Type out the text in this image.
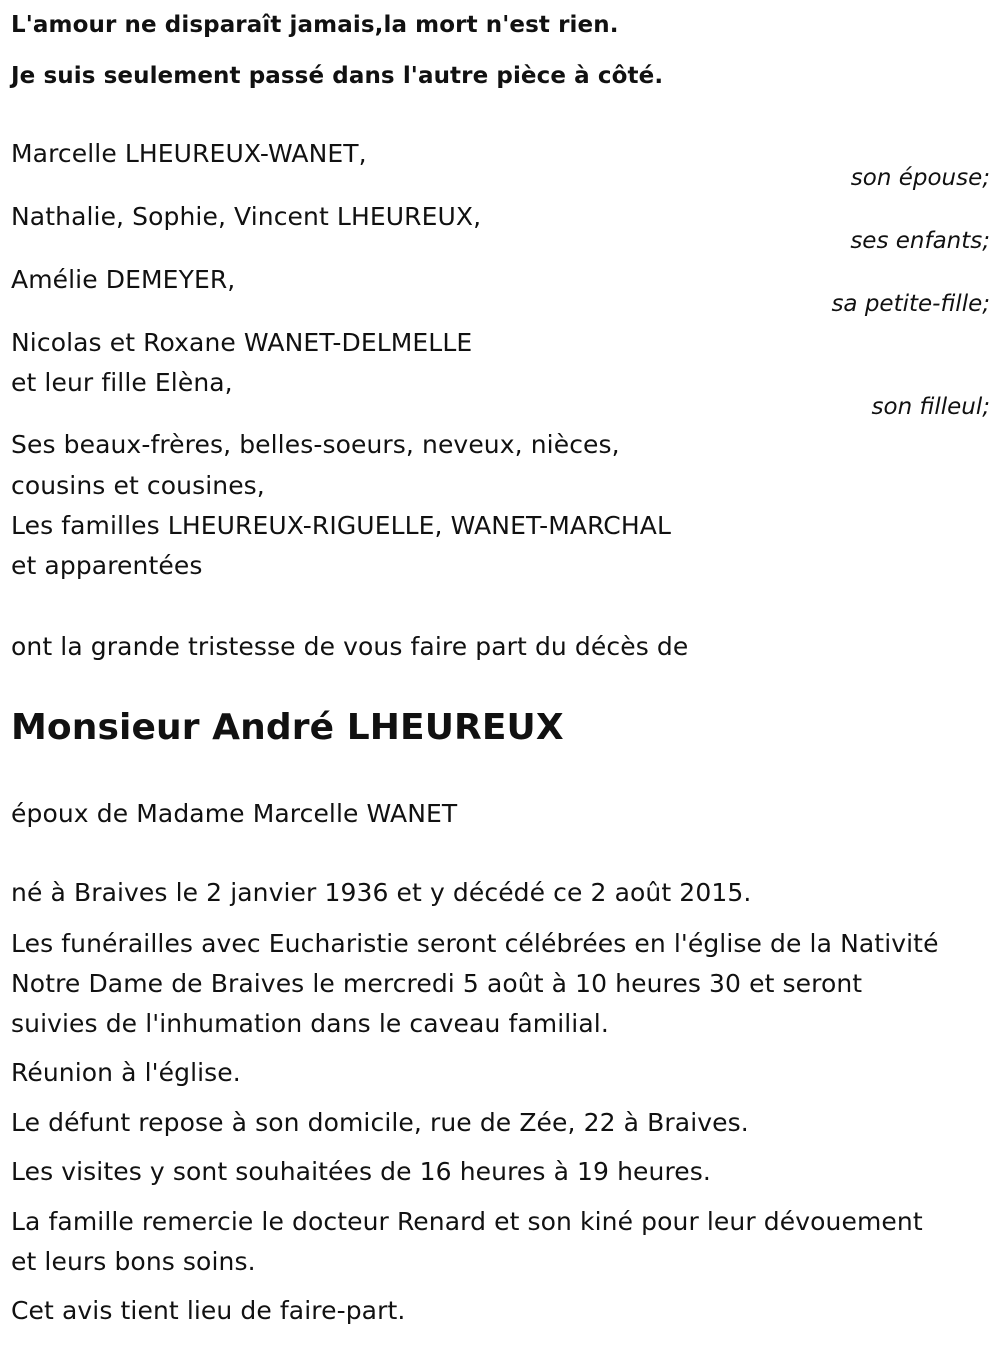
L'amour ne disparaît jamais,la mort n'est rien.
Je suis seulement passé dans l'autre pièce à côté.
Marcelle LHEUREUX-WANET,
son épouse;
Nathalie, Sophie, Vincent LHEUREUX,
ses enfants;
Amélie DEMEYER,
sa petite-fille;
Nicolas et Roxane WANET-DELMELLE
et leur fille Elèna,
son filleul;
Ses beaux-frères, belles-soeurs, neveux, nièces,
cousins et cousines,
Les familles LHEUREUX-RIGUELLE, WANET-MARCHAL
et apparentées
ont la grande tristesse de vous faire part du décès de
Monsieur André LHEUREUX
époux de Madame Marcelle WANET
né à Braives le 2 janvier 1936 et y décédé ce 2 août 2015.
Les funérailles avec Eucharistie seront célébrées en l'église de la Nativité
Notre Dame de Braives le mercredi 5 août à 10 heures 30 et seront
suivies de l'inhumation dans le caveau familial.
Réunion à l'église.
Le défunt repose à son domicile, rue de Zée, 22 à Braives.
Les visites y sont souhaitées de 16 heures à 19 heures.
La famille remercie le docteur Renard et son kiné pour leur dévouement
et leurs bons soins.
Cet avis tient lieu de faire-part.
